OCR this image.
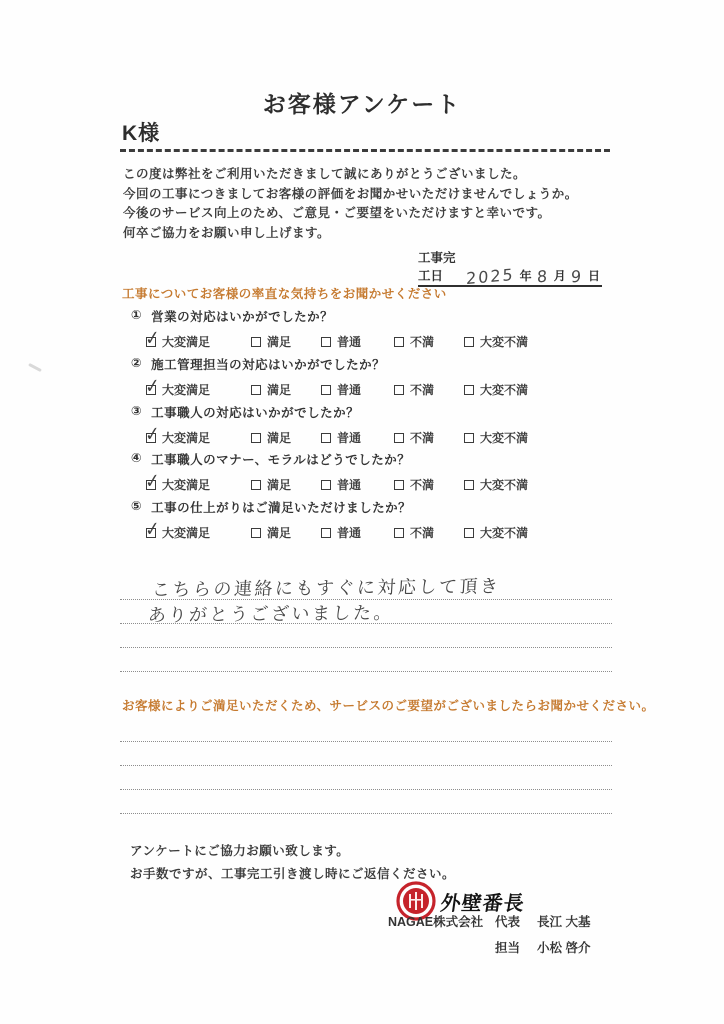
お客様アンケート
K様

この度は弊社をご利用いただきまして誠にありがとうございました。

今回の工事につきましてお客様の評価をお聞かせいただけませんでしょうか。

今後のサービス向上のため、ご意見・ご要望をいただけますと幸いです。

何卒ご協力をお願い申し上げます。

工事完工日	2025 年 8 月 9 日
工事についてお客様の率直な気持ちをお聞かせください
① 営業の対応はいかがでしたか？
✓
大変満足	満足	普通	不満	大変不満
② 施工管理担当の対応はいかがでしたか？
✓
大変満足	満足	普通	不満	大変不満
③ 工事職人の対応はいかがでしたか？
✓
大変満足	満足	普通	不満	大変不満
④ 工事職人のマナー、モラルはどうでしたか？
✓
大変満足	満足	普通	不満	大変不満
⑤ 工事の仕上がりはご満足いただけましたか？
✓
大変満足	満足	普通	不満	大変不満
こちらの連絡にもすぐに対応して頂き
ありがとうございました。
お客様によりご満足いただくため、サービスのご要望がございましたらお聞かせください。
アンケートにご協力お願い致します。
お手数ですが、工事完工引き渡し時にご返信ください。
外壁番長
NAGAE株式会社 代表	長江 大基
担当	小松 啓介
